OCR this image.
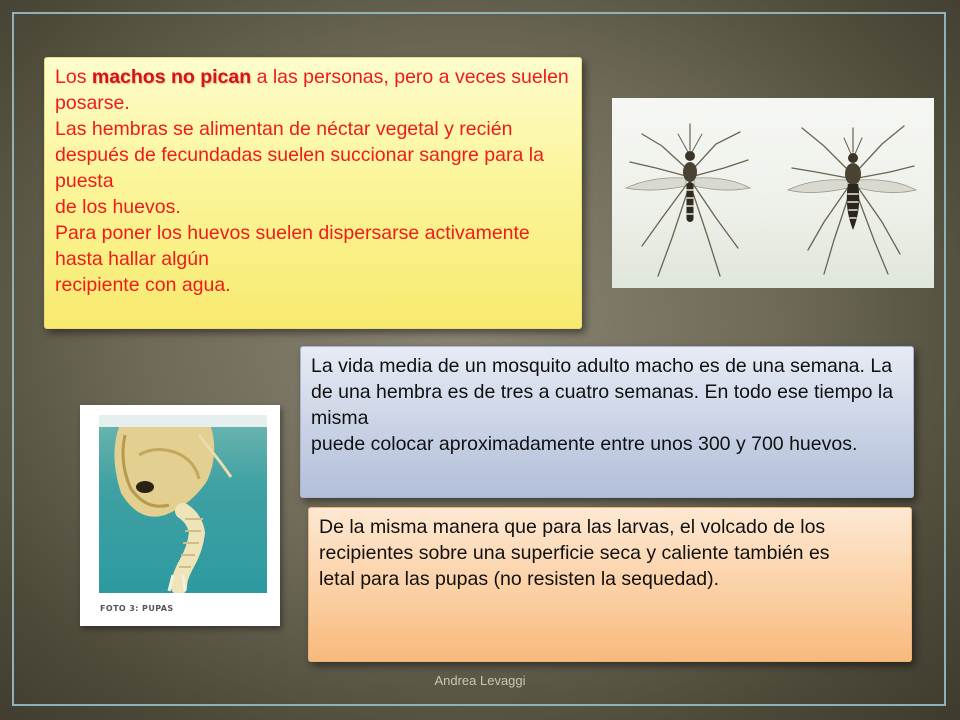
Los machos no pican a las personas, pero a veces suelen posarse.

Las hembras se alimentan de néctar vegetal y recién después de fecundadas suelen succionar sangre para la puesta

de los huevos.

Para poner los huevos suelen dispersarse activamente hasta hallar algún

recipiente con agua.

La vida media de un mosquito adulto macho es de una semana. La de una hembra es de tres a cuatro semanas. En todo ese tiempo la misma

puede colocar aproximadamente entre unos 300 y 700 huevos.

FOTO 3: PUPAS

De la misma manera que para las larvas, el volcado de los

recipientes sobre una superficie seca y caliente también es

letal para las pupas (no resisten la sequedad).

Andrea Levaggi
